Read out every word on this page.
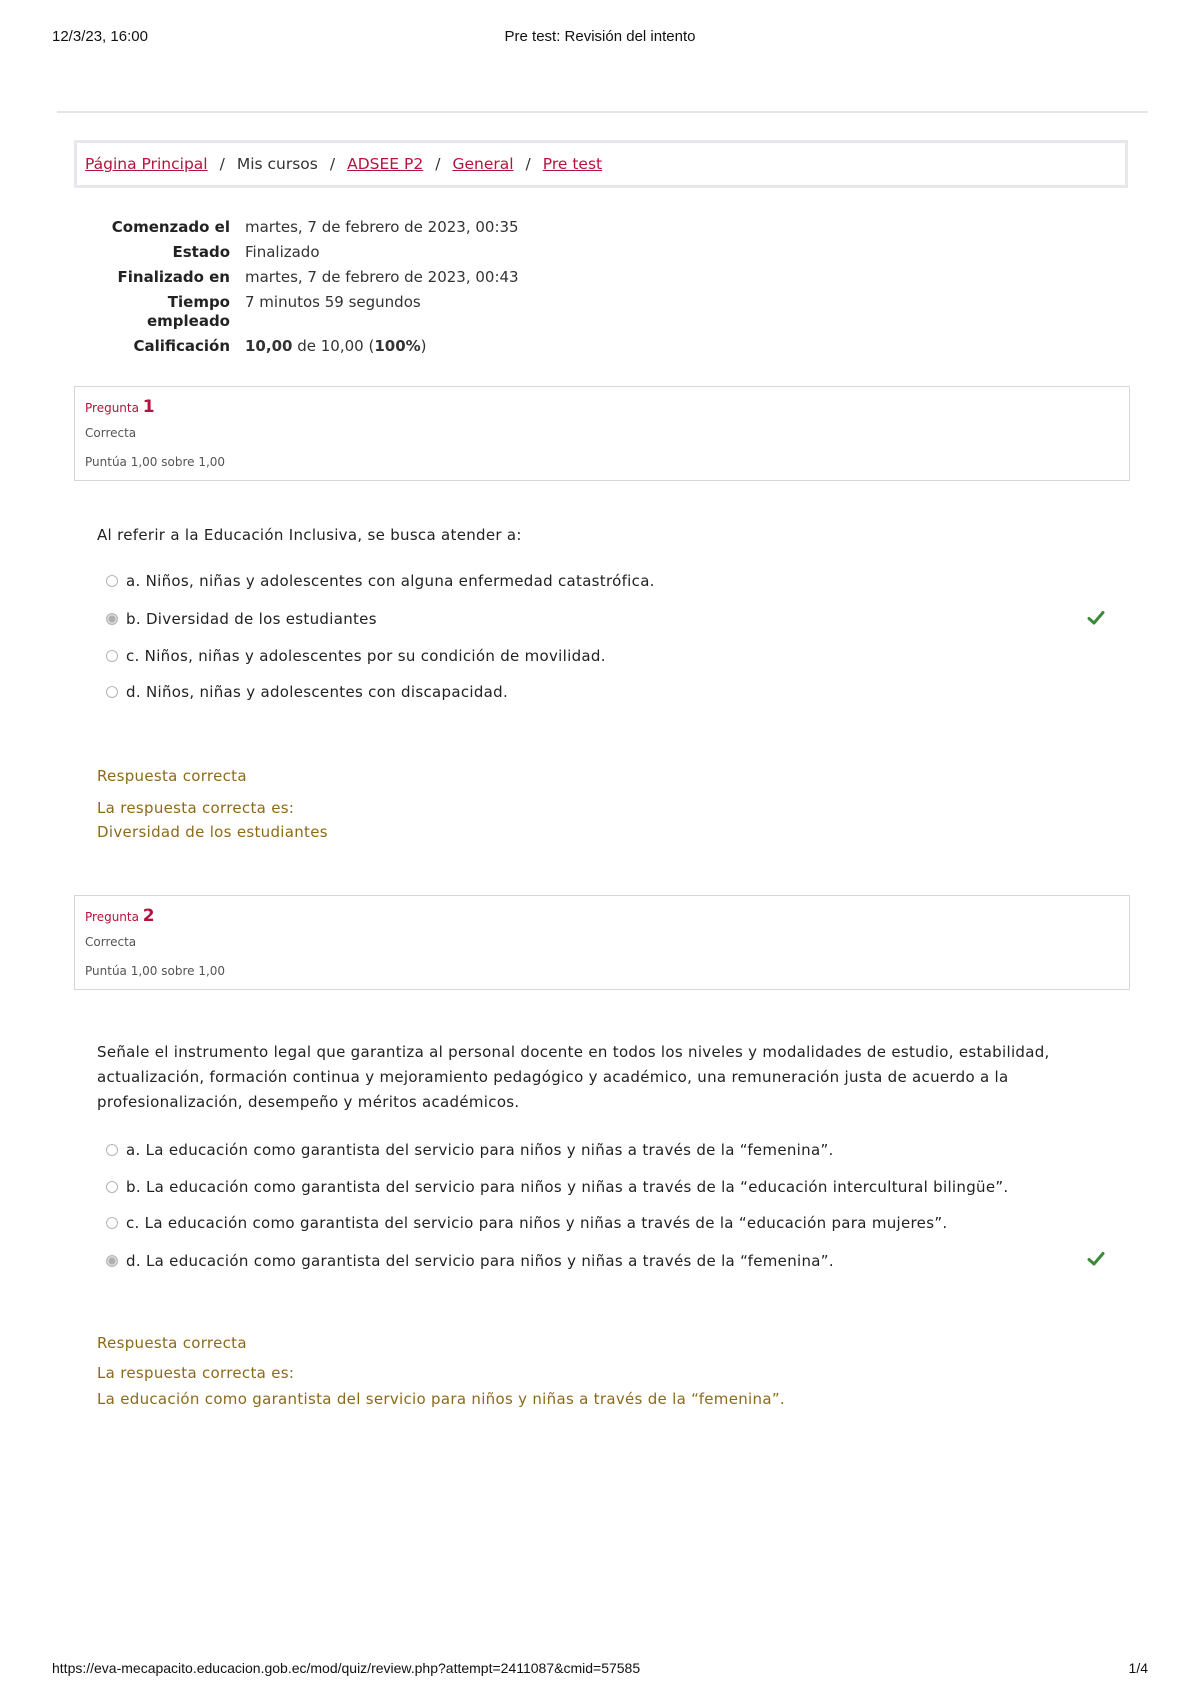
12/3/23, 16:00	Pre test: Revisión del intento
Página Principal / Mis cursos / ADSEE P2 / General / Pre test
Comenzado el	martes, 7 de febrero de 2023, 00:35
Estado	Finalizado
Finalizado en	martes, 7 de febrero de 2023, 00:43
Tiempo
empleado
7 minutos 59 segundos
Calificación	10,00 de 10,00 (100%)
Pregunta 1
Correcta
Puntúa 1,00 sobre 1,00
Al referir a la Educación Inclusiva, se busca atender a:
a. Niños, niñas y adolescentes con alguna enfermedad catastrófica.
b. Diversidad de los estudiantes
c. Niños, niñas y adolescentes por su condición de movilidad.
d. Niños, niñas y adolescentes con discapacidad.
Respuesta correcta
La respuesta correcta es:
Diversidad de los estudiantes
Pregunta 2
Correcta
Puntúa 1,00 sobre 1,00
Señale el instrumento legal que garantiza al personal docente en todos los niveles y modalidades de estudio, estabilidad,
actualización, formación continua y mejoramiento pedagógico y académico, una remuneración justa de acuerdo a la
profesionalización, desempeño y méritos académicos.
a. La educación como garantista del servicio para niños y niñas a través de la “femenina”.
b. La educación como garantista del servicio para niños y niñas a través de la “educación intercultural bilingüe”.
c. La educación como garantista del servicio para niños y niñas a través de la “educación para mujeres”.
d. La educación como garantista del servicio para niños y niñas a través de la “femenina”.
Respuesta correcta
La respuesta correcta es:
La educación como garantista del servicio para niños y niñas a través de la “femenina”.
https://eva-mecapacito.educacion.gob.ec/mod/quiz/review.php?attempt=2411087&cmid=57585	1/4
